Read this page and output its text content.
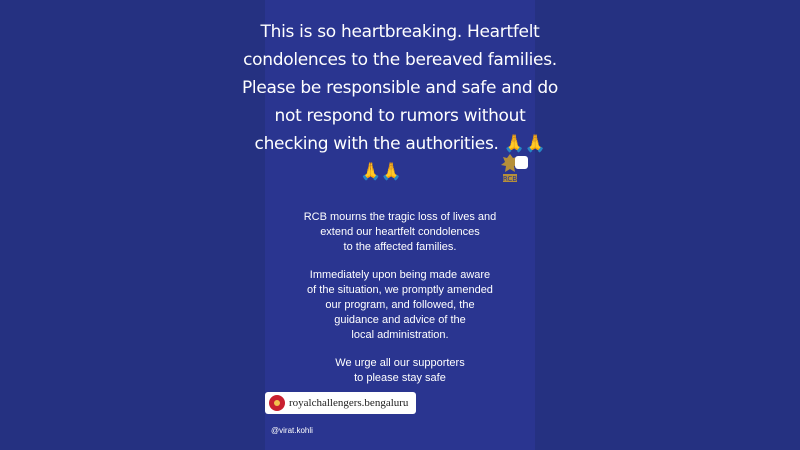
This is so heartbreaking. Heartfelt
condolences to the bereaved families.
Please be responsible and safe and do
not respond to rumors without
checking with the authorities. 🙏🙏
🙏🙏	RCB

RCB mourns the tragic loss of lives and
extend our heartfelt condolences
to the affected families.

Immediately upon being made aware
of the situation, we promptly amended
our program, and followed, the
guidance and advice of the
local administration.

We urge all our supporters
to please stay safe

royalchallengers.bengaluru
@virat.kohli
